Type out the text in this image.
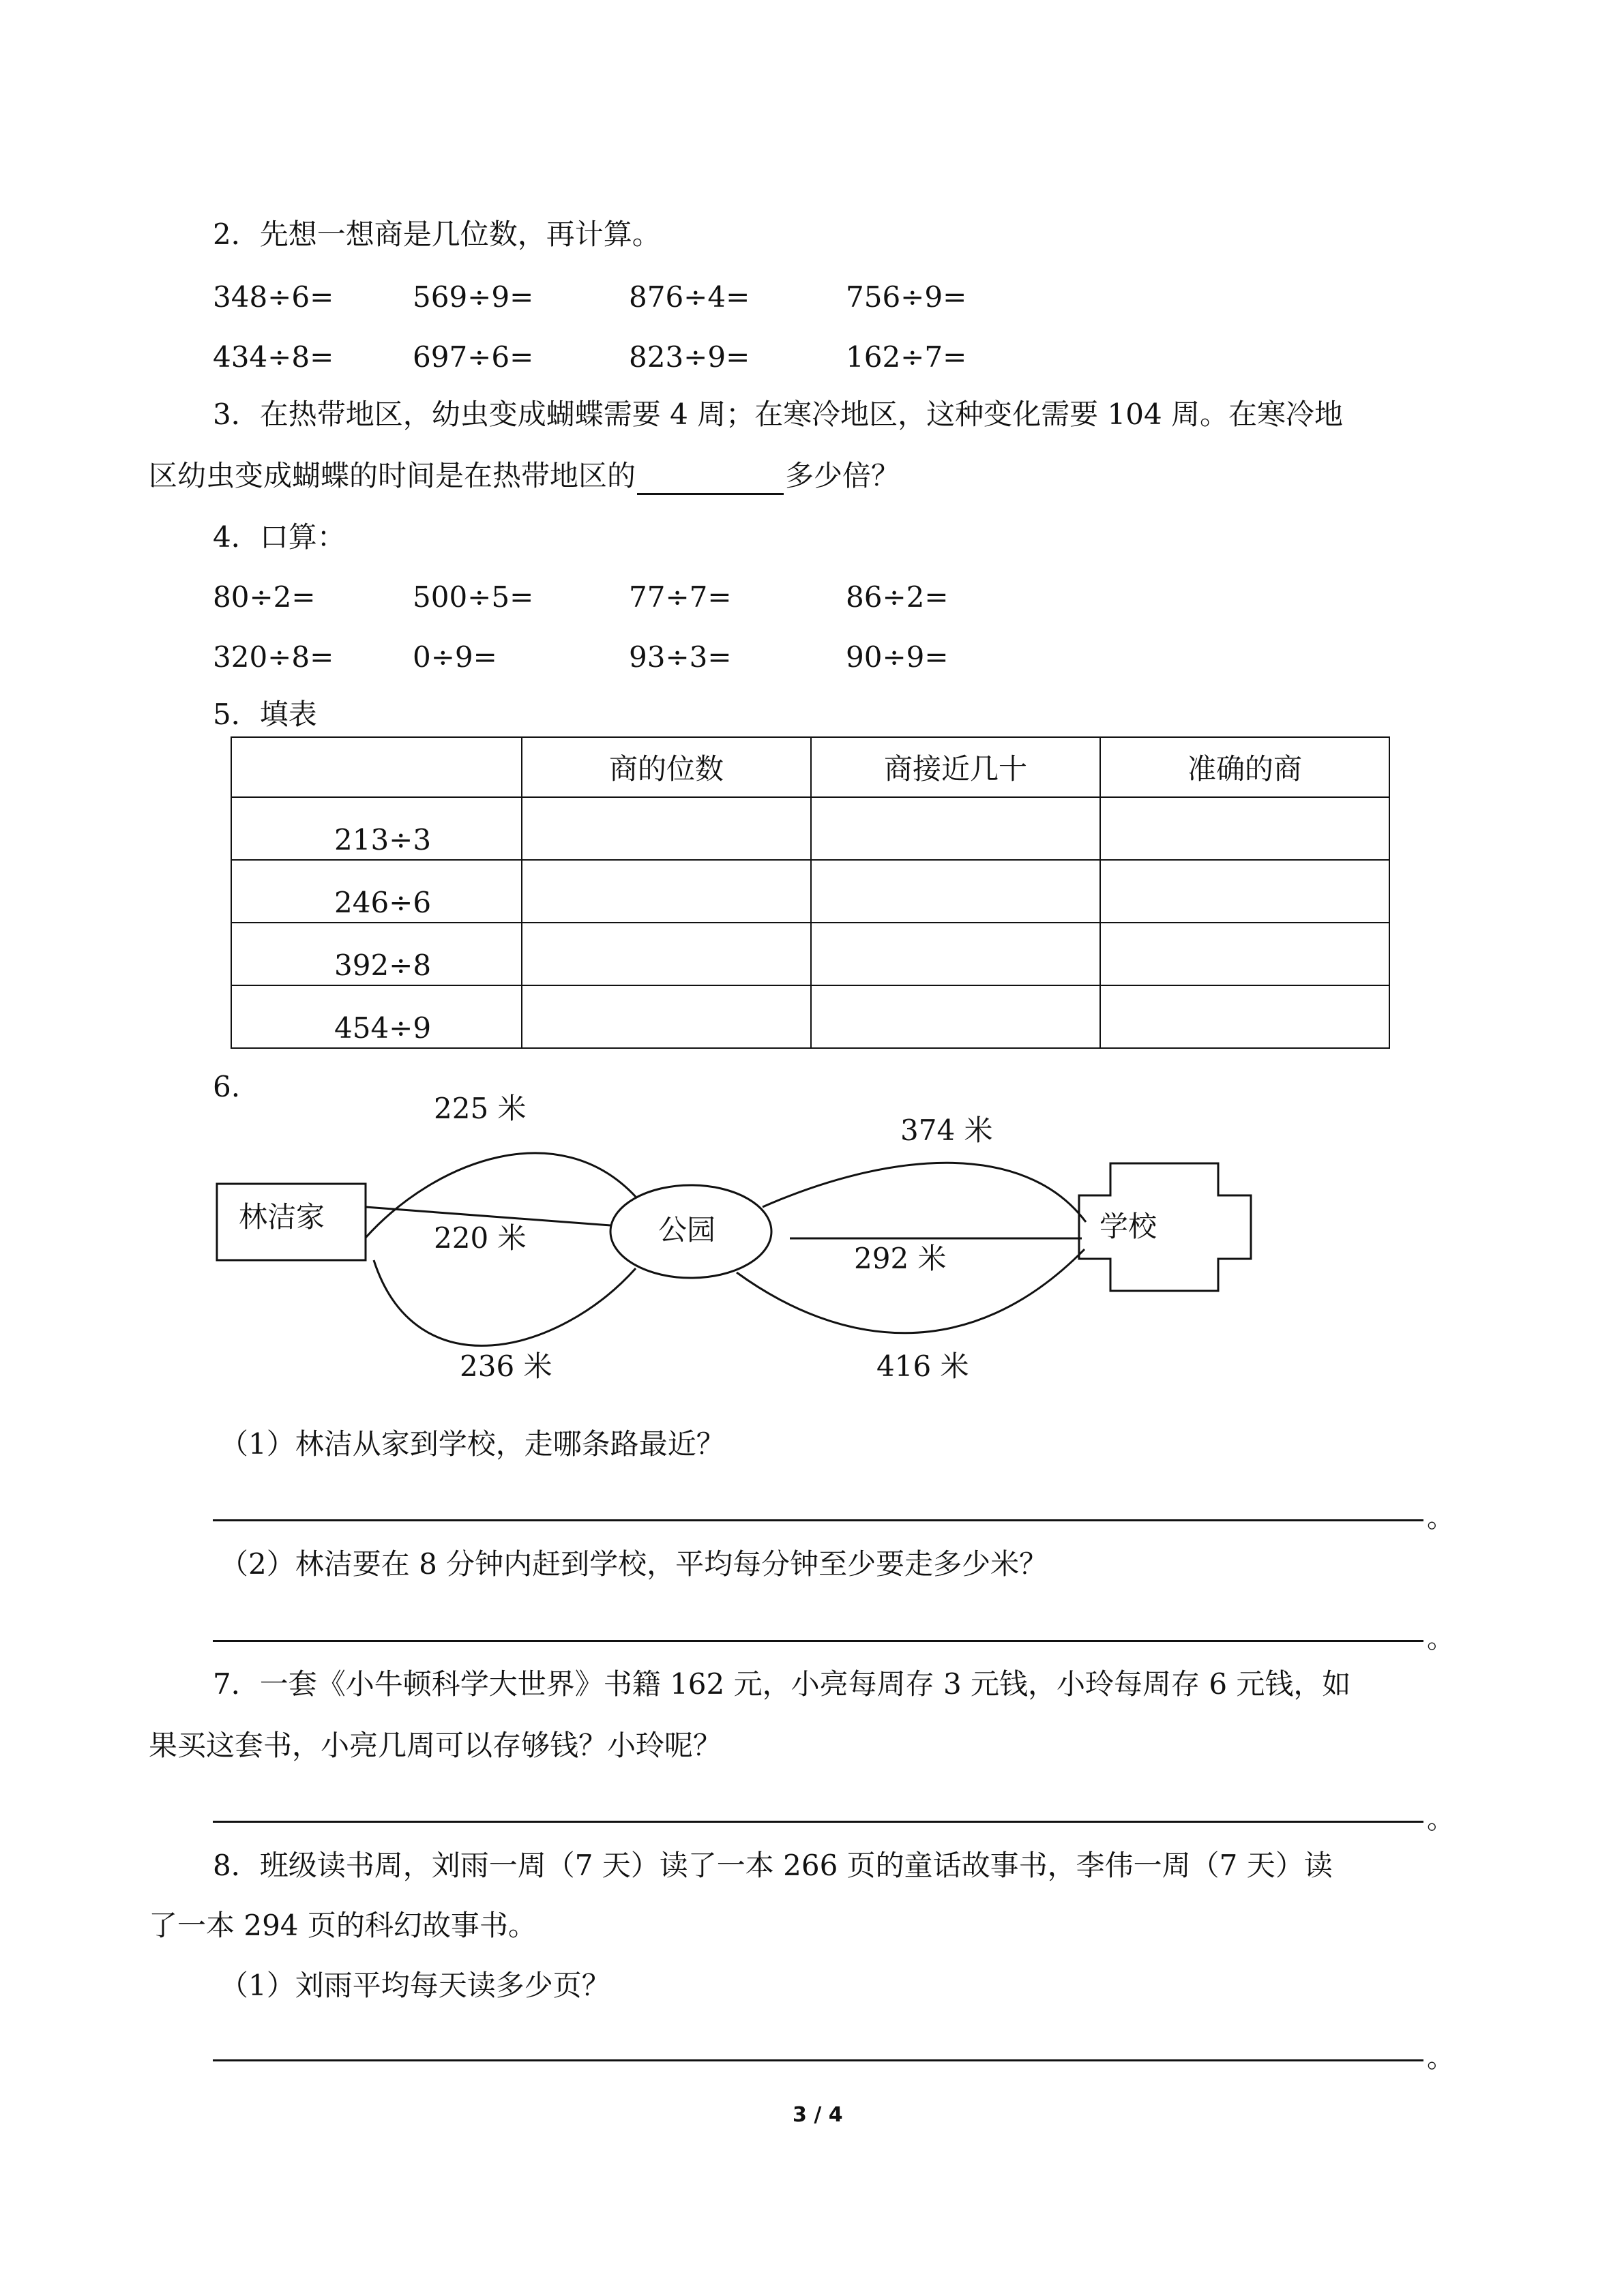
2．先想一想商是几位数，再计算。
348÷6=	569÷9=	876÷4=	756÷9=
434÷8=	697÷6=	823÷9=	162÷7=
3．在热带地区，幼虫变成蝴蝶需要 4 周；在寒冷地区，这种变化需要 104 周。在寒冷地
区幼虫变成蝴蝶的时间是在热带地区的	多少倍？
4．口算：
80÷2=	500÷5=	77÷7=	86÷2=
320÷8=	0÷9=	93÷3=	90÷9=
5．填表
	商的位数	商接近几十	准确的商
213÷3			
246÷6			
392÷8			
454÷9			
6.
林洁家	公园	学校
225 米
220 米
236 米
374 米
292 米
416 米
（1）林洁从家到学校，走哪条路最近？
。
（2）林洁要在 8 分钟内赶到学校，平均每分钟至少要走多少米？
。
7．一套《小牛顿科学大世界》书籍 162 元，小亮每周存 3 元钱，小玲每周存 6 元钱，如
果买这套书，小亮几周可以存够钱？小玲呢？
。
8．班级读书周，刘雨一周（7 天）读了一本 266 页的童话故事书，李伟一周（7 天）读
了一本 294 页的科幻故事书。
（1）刘雨平均每天读多少页？
。
3 / 4
